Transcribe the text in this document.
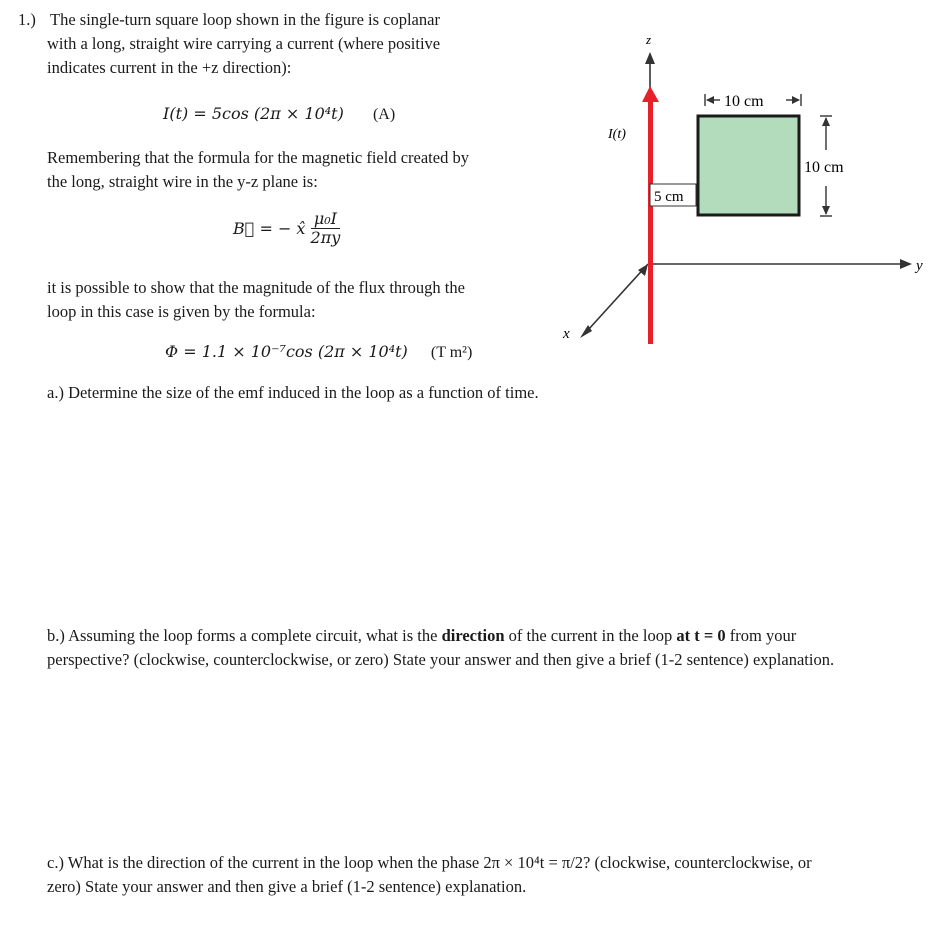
1.) The single-turn square loop shown in the figure is coplanar
with a long, straight wire carrying a current (where positive
indicates current in the +z direction):
I(t) = 5cos (2π × 10⁴t) (A)
Remembering that the formula for the magnetic field created by
the long, straight wire in the y-z plane is:
B⃗ = − x̂ $\frac{\text{μ₀I}}{2\pi y}$
it is possible to show that the magnitude of the flux through the
loop in this case is given by the formula:
Φ = 1.1 × 10⁻⁷cos (2π × 10⁴t) (T m²)
a.) Determine the size of the emf induced in the loop as a function of time.
b.) Assuming the loop forms a complete circuit, what is the direction of the current in the loop at t = 0 from your
perspective? (clockwise, counterclockwise, or zero) State your answer and then give a brief (1-2 sentence) explanation.
c.) What is the direction of the current in the loop when the phase 2π × 10⁴t = π/2? (clockwise, counterclockwise, or
zero) State your answer and then give a brief (1-2 sentence) explanation.
y
x
z
I(t)
5 cm
10 cm
10 cm
